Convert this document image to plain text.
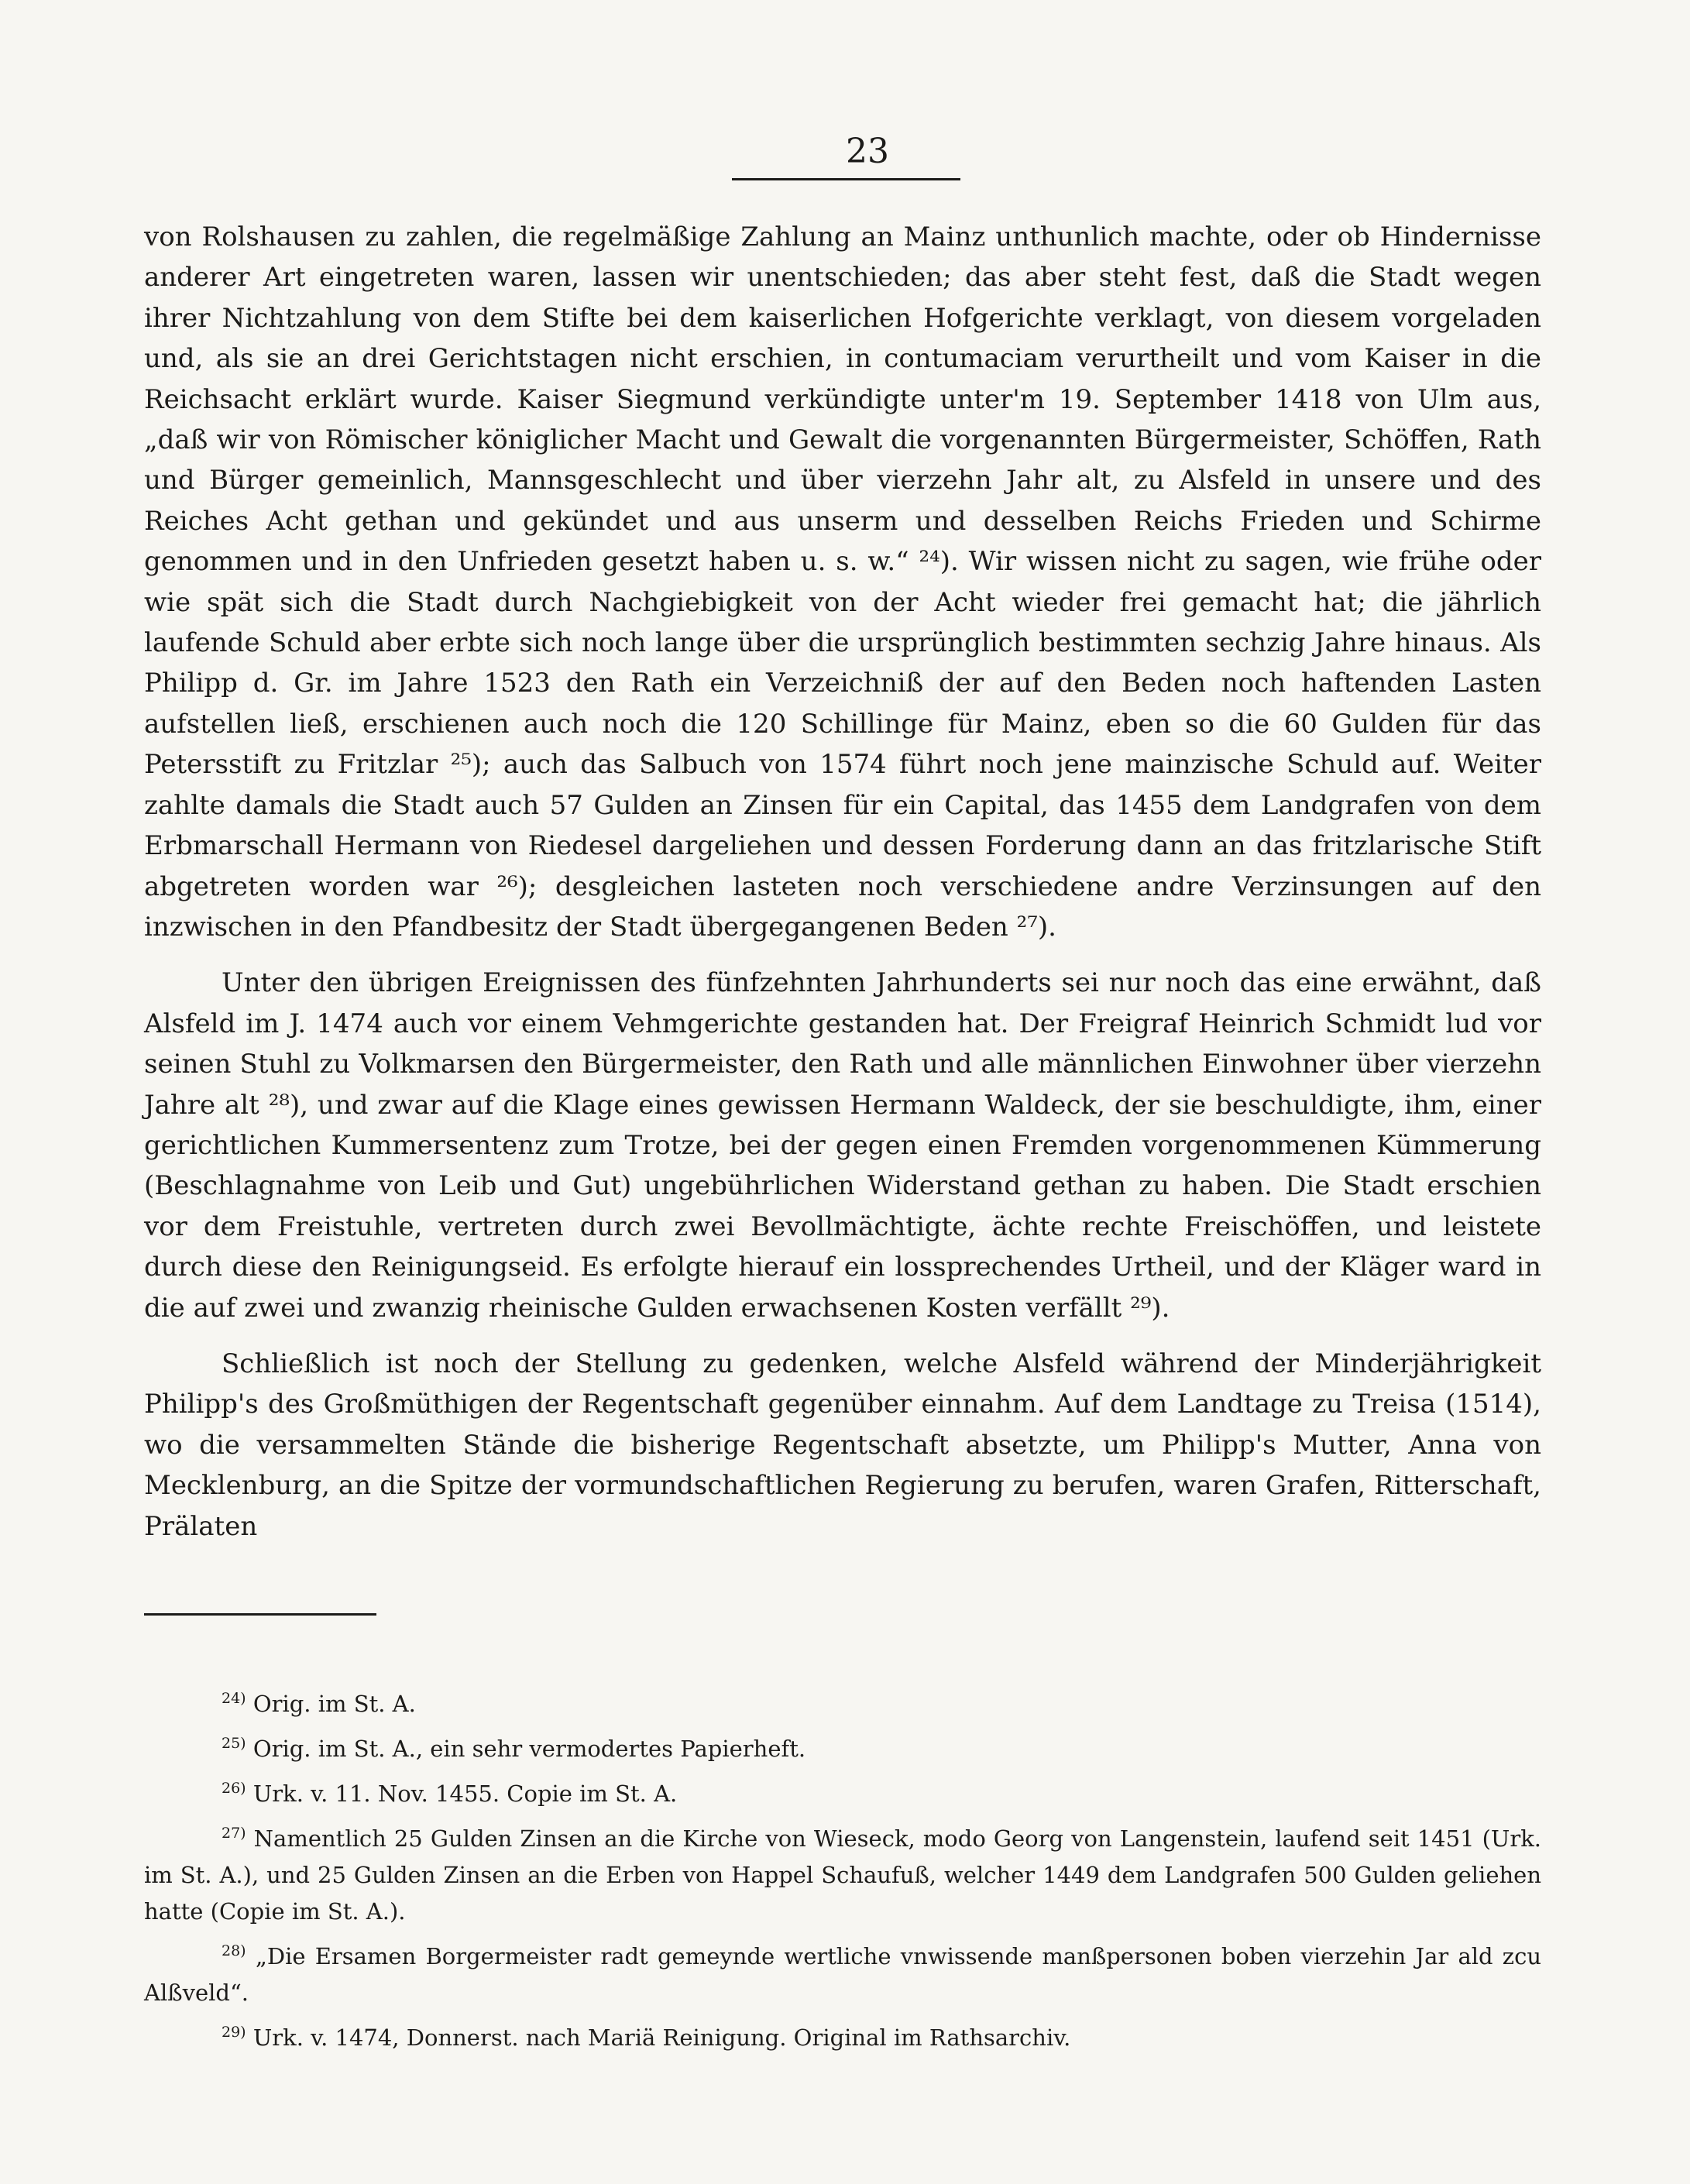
23

von Rolshausen zu zahlen, die regelmäßige Zahlung an Mainz unthunlich machte, oder ob Hindernisse anderer Art eingetreten waren, lassen wir unentschieden; das aber steht fest, daß die Stadt wegen ihrer Nichtzahlung von dem Stifte bei dem kaiserlichen Hofgerichte verklagt, von diesem vorgeladen und, als sie an drei Gerichtstagen nicht erschien, in contumaciam verurtheilt und vom Kaiser in die Reichsacht erklärt wurde. Kaiser Siegmund verkündigte unter'm 19. September 1418 von Ulm aus, „daß wir von Römischer königlicher Macht und Gewalt die vorgenannten Bürgermeister, Schöffen, Rath und Bürger gemeinlich, Mannsgeschlecht und über vierzehn Jahr alt, zu Alsfeld in unsere und des Reiches Acht gethan und gekündet und aus unserm und desselben Reichs Frieden und Schirme genommen und in den Unfrieden gesetzt haben u. s. w.“ ²⁴). Wir wissen nicht zu sagen, wie frühe oder wie spät sich die Stadt durch Nachgiebigkeit von der Acht wieder frei gemacht hat; die jährlich laufende Schuld aber erbte sich noch lange über die ursprünglich bestimmten sechzig Jahre hinaus. Als Philipp d. Gr. im Jahre 1523 den Rath ein Verzeichniß der auf den Beden noch haftenden Lasten aufstellen ließ, erschienen auch noch die 120 Schillinge für Mainz, eben so die 60 Gulden für das Petersstift zu Fritzlar ²⁵); auch das Salbuch von 1574 führt noch jene mainzische Schuld auf. Weiter zahlte damals die Stadt auch 57 Gulden an Zinsen für ein Capital, das 1455 dem Landgrafen von dem Erbmarschall Hermann von Riedesel dargeliehen und dessen Forderung dann an das fritzlarische Stift abgetreten worden war ²⁶); desgleichen lasteten noch verschiedene andre Verzinsungen auf den inzwischen in den Pfandbesitz der Stadt übergegangenen Beden ²⁷).

Unter den übrigen Ereignissen des fünfzehnten Jahrhunderts sei nur noch das eine erwähnt, daß Alsfeld im J. 1474 auch vor einem Vehmgerichte gestanden hat. Der Freigraf Heinrich Schmidt lud vor seinen Stuhl zu Volkmarsen den Bürgermeister, den Rath und alle männlichen Einwohner über vierzehn Jahre alt ²⁸), und zwar auf die Klage eines gewissen Hermann Waldeck, der sie beschuldigte, ihm, einer gerichtlichen Kummersentenz zum Trotze, bei der gegen einen Fremden vorgenommenen Kümmerung (Beschlagnahme von Leib und Gut) ungebührlichen Widerstand gethan zu haben. Die Stadt erschien vor dem Freistuhle, vertreten durch zwei Bevollmächtigte, ächte rechte Freischöffen, und leistete durch diese den Reinigungseid. Es erfolgte hierauf ein lossprechendes Urtheil, und der Kläger ward in die auf zwei und zwanzig rheinische Gulden erwachsenen Kosten verfällt ²⁹).

Schließlich ist noch der Stellung zu gedenken, welche Alsfeld während der Minderjährigkeit Philipp's des Großmüthigen der Regentschaft gegenüber einnahm. Auf dem Landtage zu Treisa (1514), wo die versammelten Stände die bisherige Regentschaft absetzte, um Philipp's Mutter, Anna von Mecklenburg, an die Spitze der vormundschaftlichen Regierung zu berufen, waren Grafen, Ritterschaft, Prälaten

$^{24)}$ Orig. im St. A.

$^{25)}$ Orig. im St. A., ein sehr vermodertes Papierheft.

$^{26)}$ Urk. v. 11. Nov. 1455. Copie im St. A.

$^{27)}$ Namentlich 25 Gulden Zinsen an die Kirche von Wieseck, modo Georg von Langenstein, laufend seit 1451 (Urk. im St. A.), und 25 Gulden Zinsen an die Erben von Happel Schaufuß, welcher 1449 dem Landgrafen 500 Gulden geliehen hatte (Copie im St. A.).

$^{28)}$ „Die Ersamen Borgermeister radt gemeynde wertliche vnwissende manßpersonen boben vierzehin Jar ald zcu Alßveld“.

$^{29)}$ Urk. v. 1474, Donnerst. nach Mariä Reinigung. Original im Rathsarchiv.
